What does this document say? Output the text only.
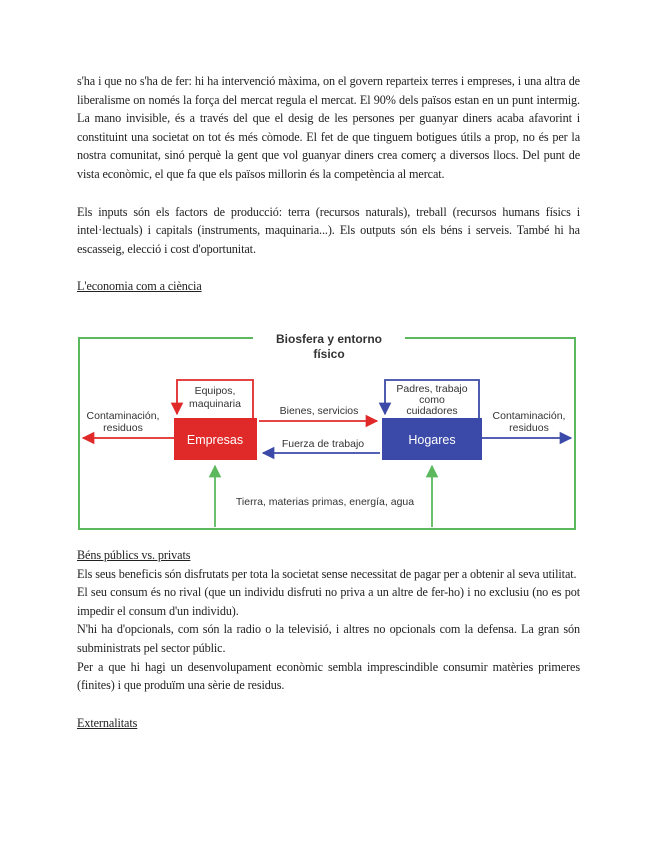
s'ha i que no s'ha de fer: hi ha intervenció màxima, on el govern reparteix terres i empreses, i una altra de liberalisme on només la força del mercat regula el mercat. El 90% dels països estan en un punt intermig. La mano invisible, és a través del que el desig de les persones per guanyar diners acaba afavorint i constituint una societat on tot és més còmode. El fet de que tinguem botigues útils a prop, no és per la nostra comunitat, sinó perquè la gent que vol guanyar diners crea comerç a diversos llocs. Del punt de vista econòmic, el que fa que els països millorin és la competència al mercat.

Els inputs són els factors de producció: terra (recursos naturals), treball (recursos humans físics i intel·lectuals) i capitals (instruments, maquinaria...). Els outputs són els béns i serveis. També hi ha escasseig, elecció i cost d'oportunitat.

L'economia com a ciència

Biosfera y entorno
físico
Empresas	Hogares
Equipos,
maquinaria
Padres, trabajo
como
cuidadores
Bienes, servicios
Fuerza de trabajo
Contaminación,
residuos
Contaminación,
residuos
Tierra, materias primas, energía, agua

Béns públics vs. privats

Els seus beneficis són disfrutats per tota la societat sense necessitat de pagar per a obtenir al seva utilitat.

El seu consum és no rival (que un individu disfruti no priva a un altre de fer-ho) i no exclusiu (no es pot impedir el consum d'un individu).

N'hi ha d'opcionals, com són la radio o la televisió, i altres no opcionals com la defensa. La gran són subministrats pel sector públic.

Per a que hi hagi un desenvolupament econòmic sembla imprescindible consumir matèries primeres (finites) i que produïm una sèrie de residus.

Externalitats
